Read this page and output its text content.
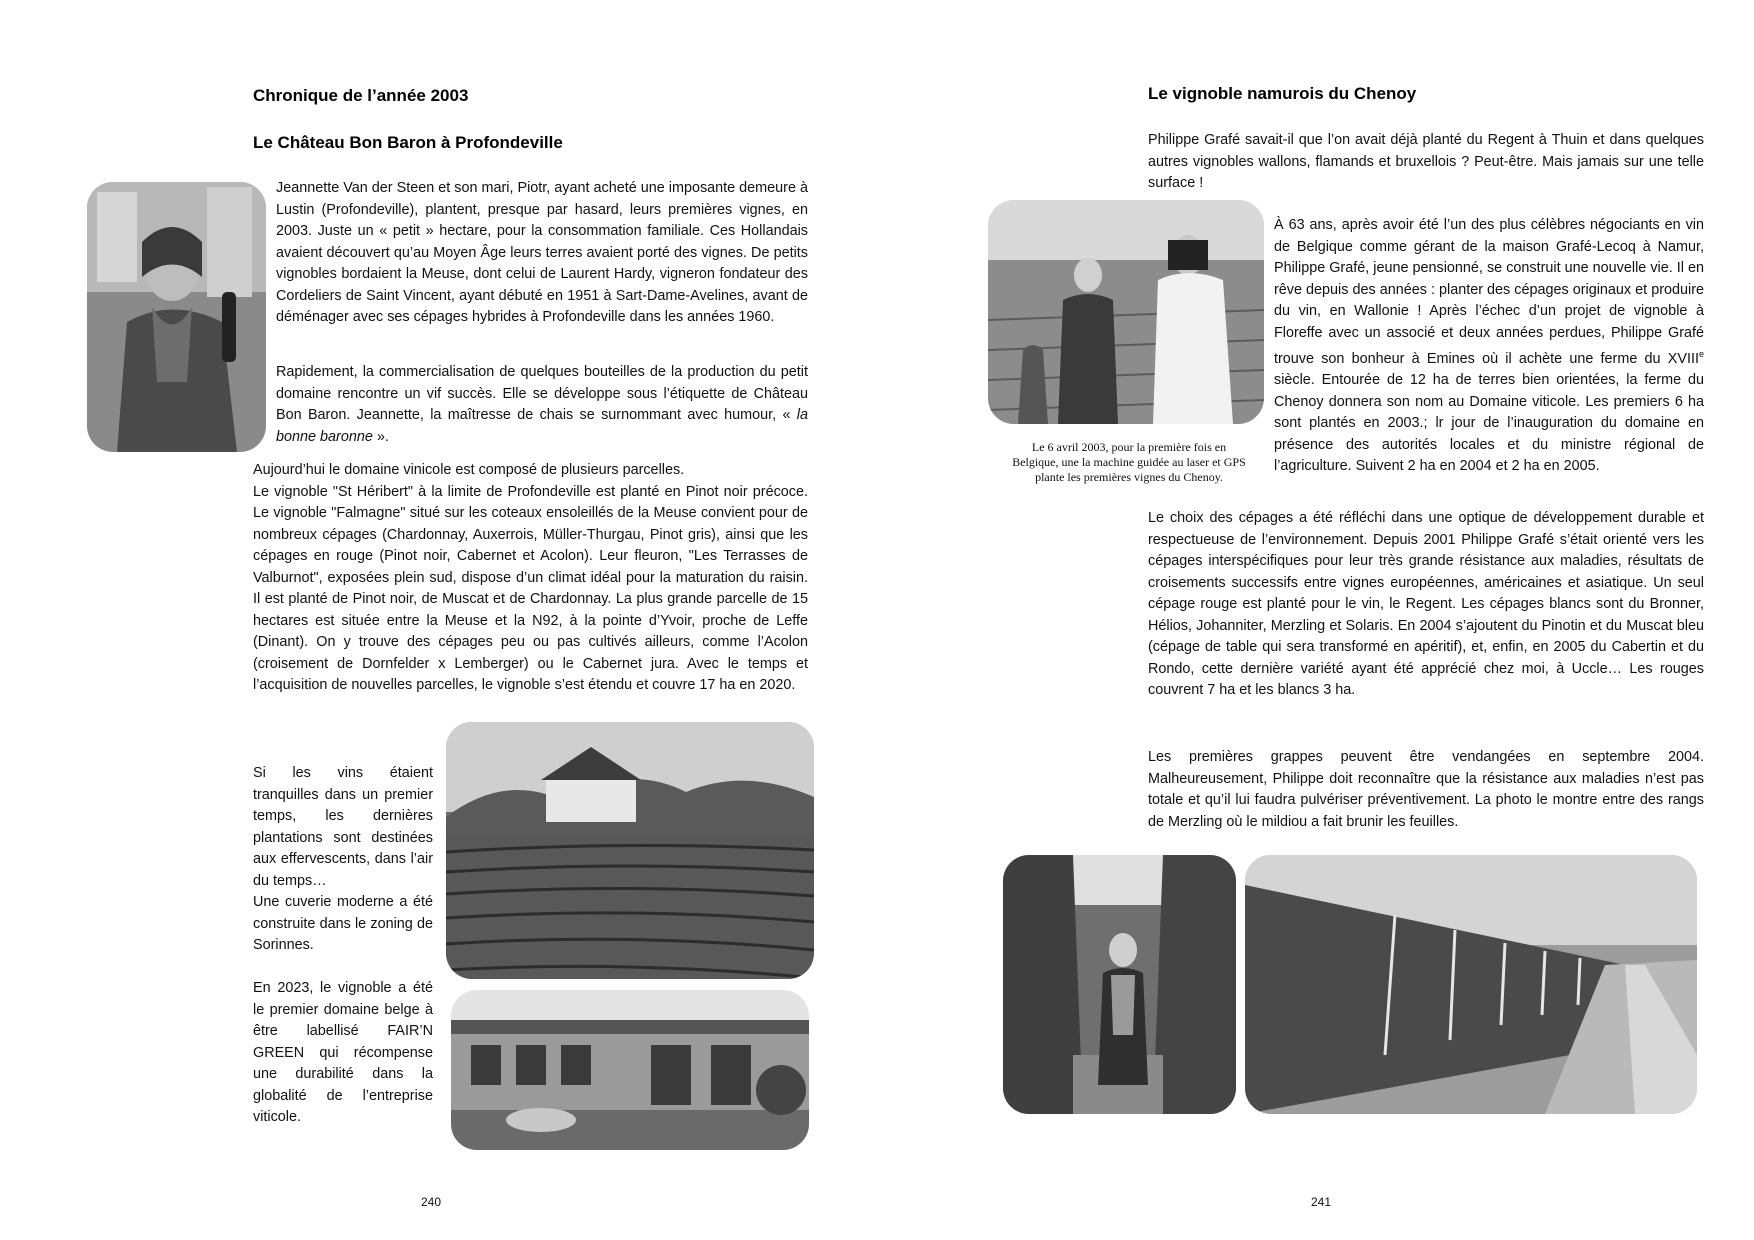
Chronique de l’année 2003
Le Château Bon Baron à Profondeville

Jeannette Van der Steen et son mari, Piotr, ayant acheté une imposante demeure à Lustin (Profondeville), plantent, presque par hasard, leurs premières vignes, en 2003. Juste un « petit » hectare, pour la consommation familiale. Ces Hollandais avaient découvert qu’au Moyen Âge leurs terres avaient porté des vignes. De petits vignobles bordaient la Meuse, dont celui de Laurent Hardy, vigneron fondateur des Cordeliers de Saint Vincent, ayant débuté en 1951 à Sart-Dame-Avelines, avant de déménager avec ses cépages hybrides à Profondeville dans les années 1960.

Rapidement, la commercialisation de quelques bouteilles de la production du petit domaine rencontre un vif succès. Elle se développe sous l’étiquette de Château Bon Baron. Jeannette, la maîtresse de chais se surnommant avec humour, « la bonne baronne ».

Aujourd’hui le domaine vinicole est composé de plusieurs parcelles.

Le vignoble "St Héribert" à la limite de Profondeville est planté en Pinot noir précoce. Le vignoble "Falmagne" situé sur les coteaux ensoleillés de la Meuse convient pour de nombreux cépages (Chardonnay, Auxerrois, Müller-Thurgau, Pinot gris), ainsi que les cépages en rouge (Pinot noir, Cabernet et Acolon). Leur fleuron, "Les Terrasses de Valburnot", exposées plein sud, dispose d’un climat idéal pour la maturation du raisin. Il est planté de Pinot noir, de Muscat et de Chardonnay. La plus grande parcelle de 15 hectares est située entre la Meuse et la N92, à la pointe d’Yvoir, proche de Leffe (Dinant). On y trouve des cépages peu ou pas cultivés ailleurs, comme l’Acolon (croisement de Dornfelder x Lemberger) ou le Cabernet jura. Avec le temps et l’acquisition de nouvelles parcelles, le vignoble s’est étendu et couvre 17 ha en 2020.

Si les vins étaient tranquilles dans un premier temps, les dernières plantations sont destinées aux effervescents, dans l’air du temps…

Une cuverie moderne a été construite dans le zoning de Sorinnes.

En 2023, le vignoble a été le premier domaine belge à être labellisé FAIR’N GREEN qui récompense une durabilité dans la globalité de l’entreprise viticole.

240
Le vignoble namurois du Chenoy

Philippe Grafé savait-il que l’on avait déjà planté du Regent à Thuin et dans quelques autres vignobles wallons, flamands et bruxellois ? Peut-être. Mais jamais sur une telle surface !

À 63 ans, après avoir été l’un des plus célèbres négociants en vin de Belgique comme gérant de la maison Grafé-Lecoq à Namur, Philippe Grafé, jeune pensionné, se construit une nouvelle vie. Il en rêve depuis des années : planter des cépages originaux et produire du vin, en Wallonie ! Après l’échec d’un projet de vignoble à Floreffe avec un associé et deux années perdues, Philippe Grafé trouve son bonheur à Emines où il achète une ferme du XVIIIe siècle. Entourée de 12 ha de terres bien orientées, la ferme du Chenoy donnera son nom au Domaine viticole. Les premiers 6 ha sont plantés en 2003.; lr jour de l’inauguration du domaine en présence des autorités locales et du ministre régional de l’agriculture. Suivent 2 ha en 2004 et 2 ha en 2005.

Le 6 avril 2003, pour la première fois en Belgique, une la machine guidée au laser et GPS plante les premières vignes du Chenoy.

Le choix des cépages a été réfléchi dans une optique de développement durable et respectueuse de l’environnement. Depuis 2001 Philippe Grafé s’était orienté vers les cépages interspécifiques pour leur très grande résistance aux maladies, résultats de croisements successifs entre vignes européennes, américaines et asiatique. Un seul cépage rouge est planté pour le vin, le Regent. Les cépages blancs sont du Bronner, Hélios, Johanniter, Merzling et Solaris. En 2004 s’ajoutent du Pinotin et du Muscat bleu (cépage de table qui sera transformé en apéritif), et, enfin, en 2005 du Cabertin et du Rondo, cette dernière variété ayant été apprécié chez moi, à Uccle… Les rouges couvrent 7 ha et les blancs 3 ha.

Les premières grappes peuvent être vendangées en septembre 2004. Malheureusement, Philippe doit reconnaître que la résistance aux maladies n’est pas totale et qu’il lui faudra pulvériser préventivement. La photo le montre entre des rangs de Merzling où le mildiou a fait brunir les feuilles.

241
